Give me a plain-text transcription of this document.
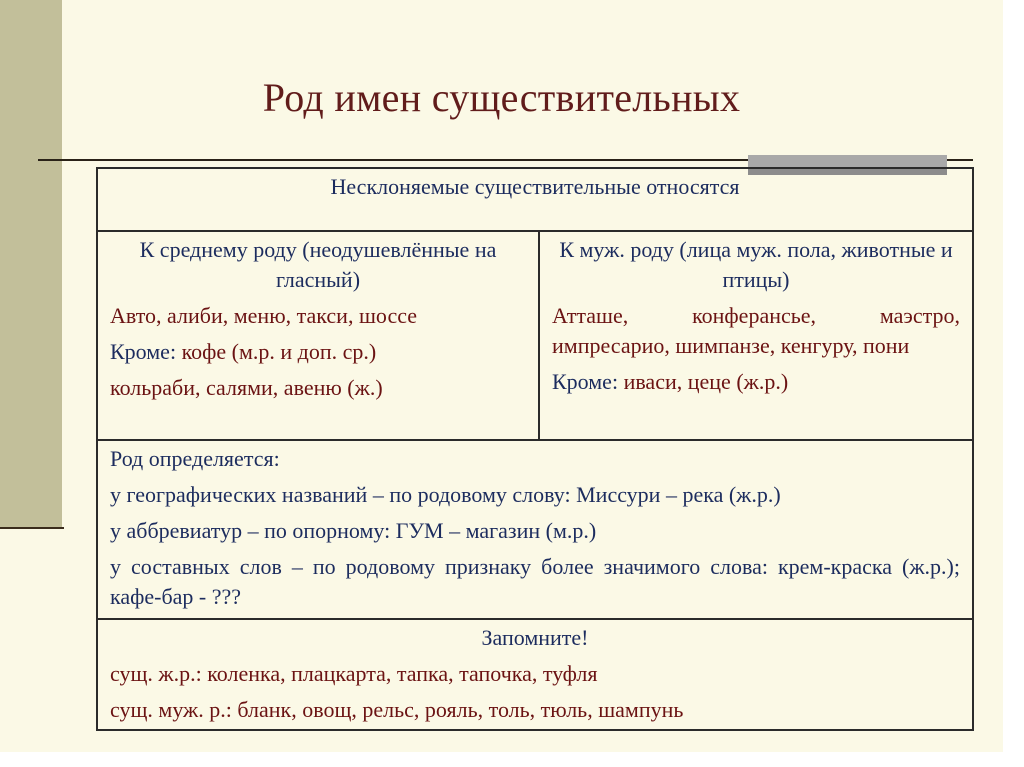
Род имен существительных
Несклоняемые существительные относятся

К среднему роду (неодушевлённые на гласный)
Авто, алиби, меню, такси, шоссе
Кроме: кофе (м.р. и доп. ср.)
кольраби, салями, авеню (ж.)

К муж. роду (лица муж. пола, животные и птицы)
Атташе, конферансье, маэстро, импресарио, шимпанзе, кенгуру, пони
Кроме: иваси, цеце (ж.р.)

Род определяется:
у географических названий – по родовому слову: Миссури – река (ж.р.)
у аббревиатур – по опорному: ГУМ – магазин (м.р.)
у составных слов – по родовому признаку более значимого слова: крем-краска (ж.р.); кафе-бар - ???

Запомните!
сущ. ж.р.: коленка, плацкарта, тапка, тапочка, туфля
сущ. муж. р.: бланк, овощ, рельс, рояль, толь, тюль, шампунь
